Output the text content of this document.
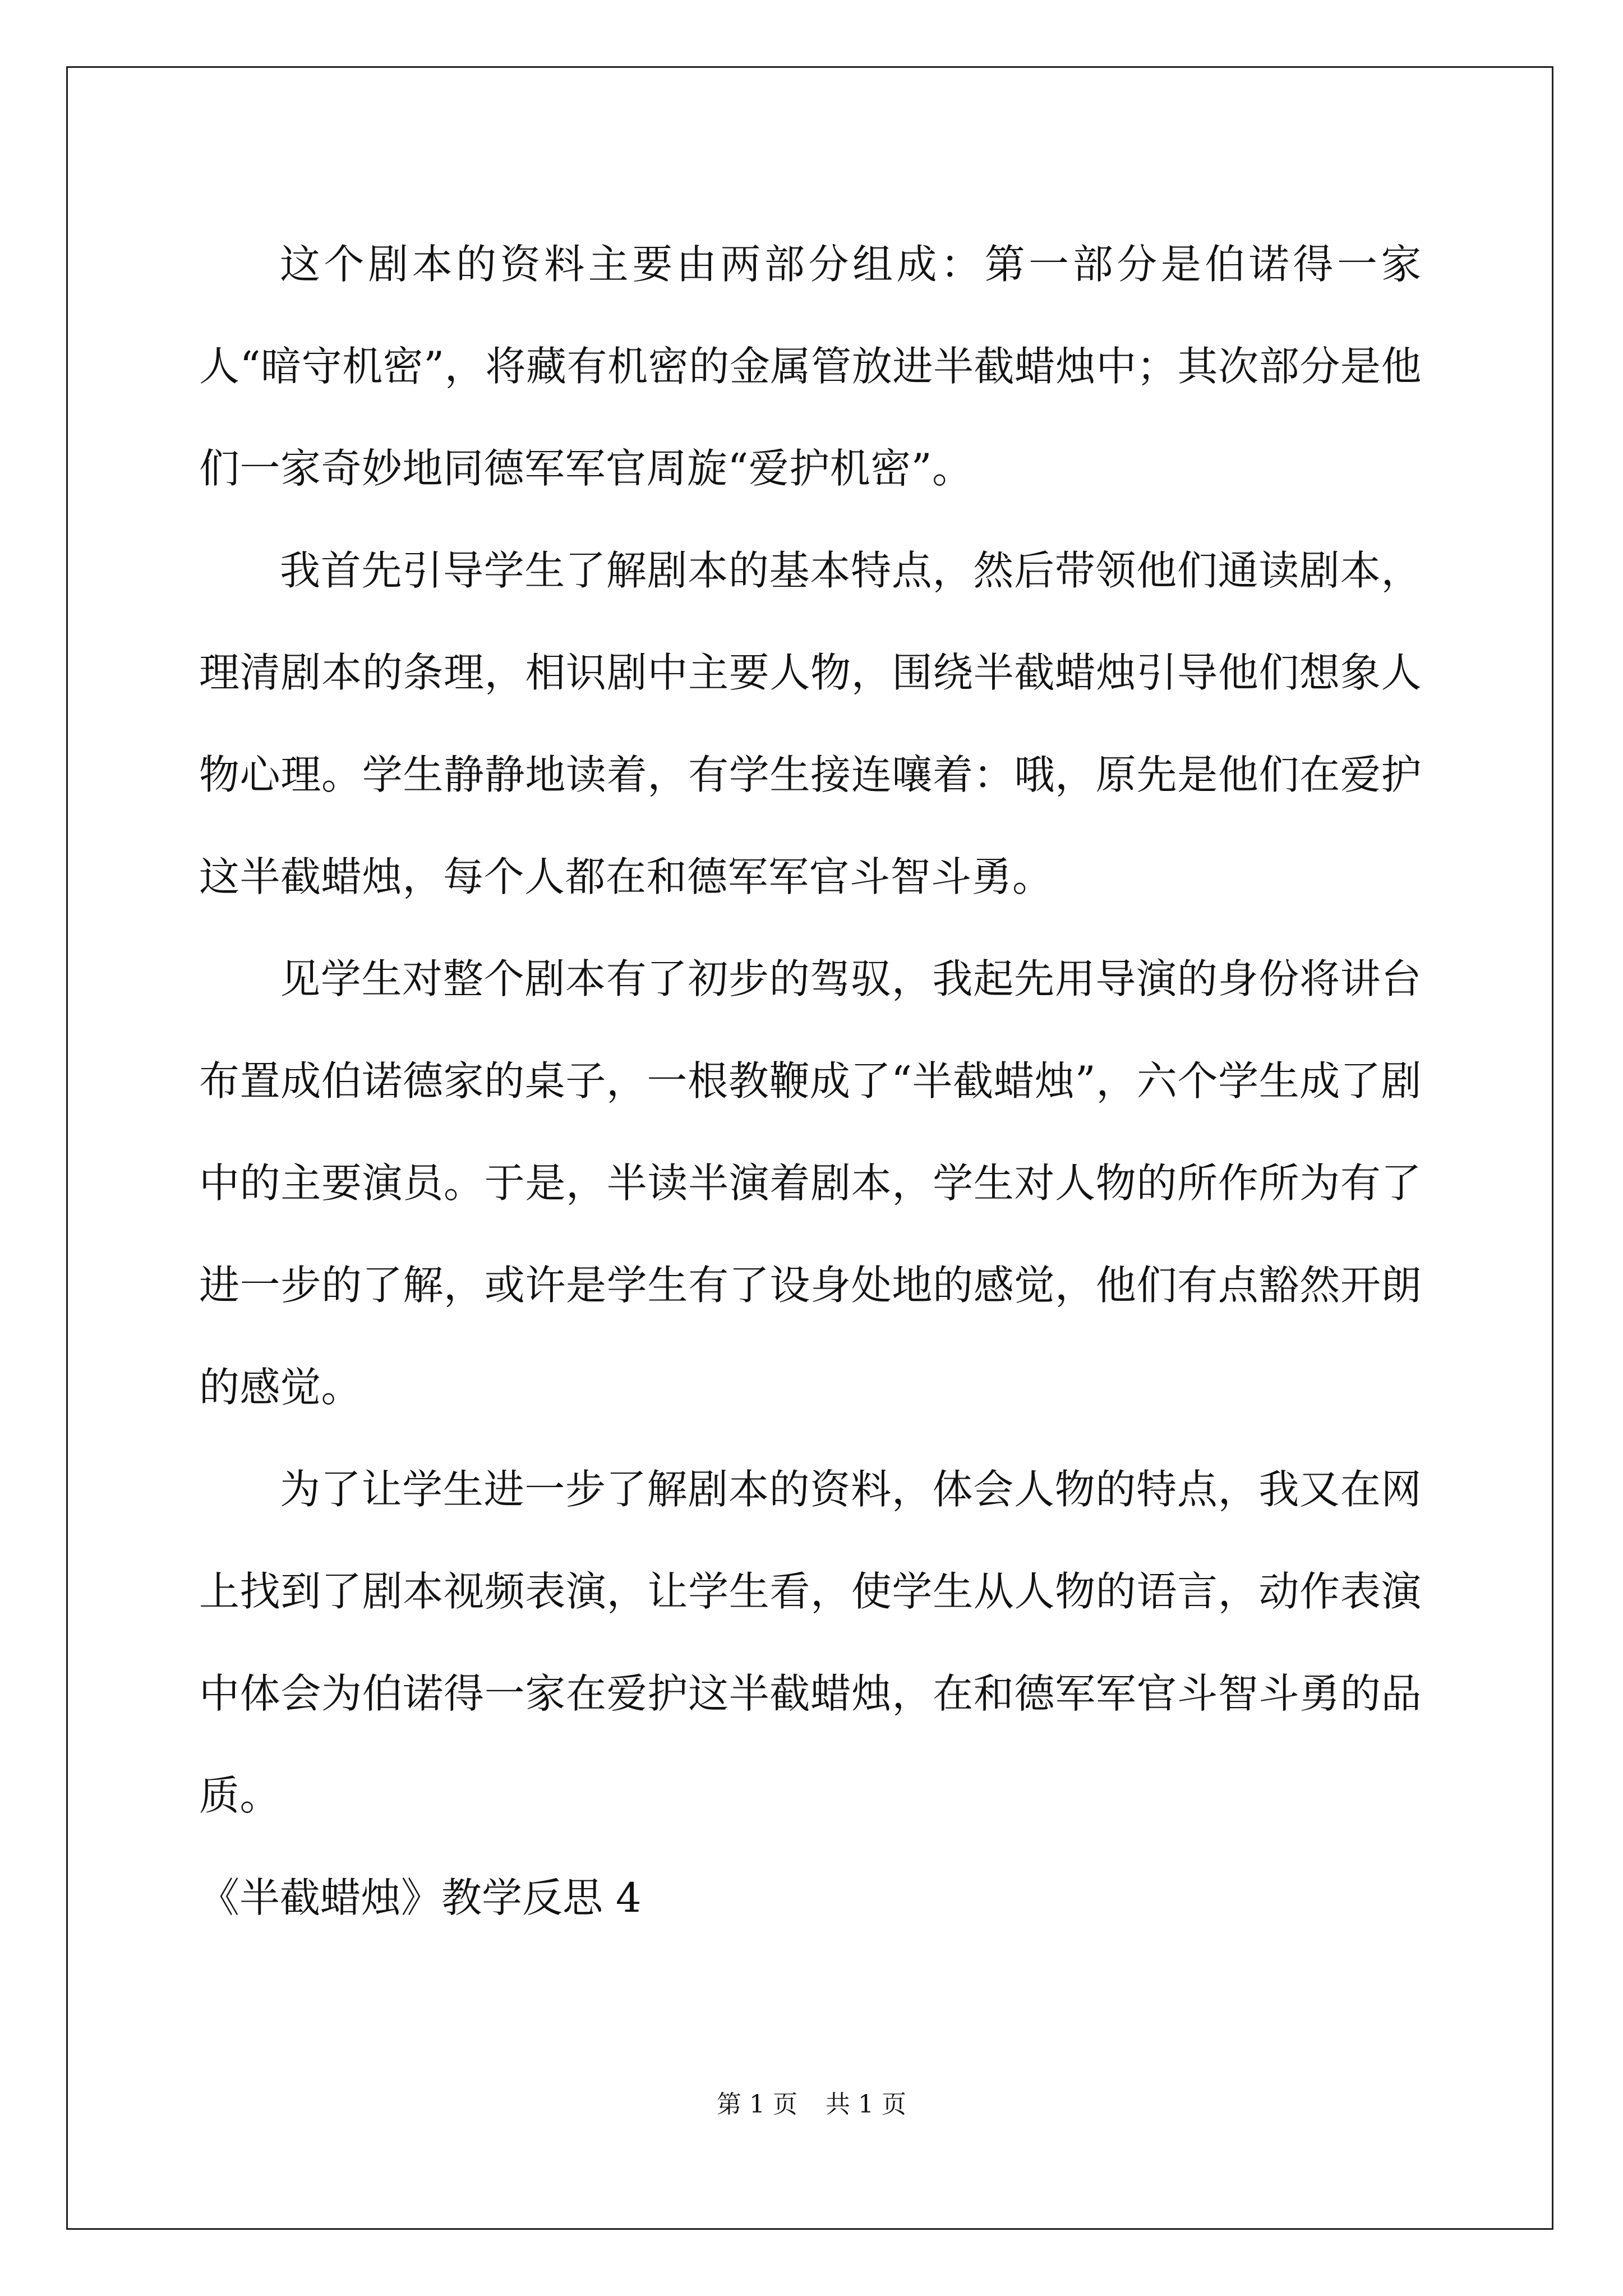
这个剧本的资料主要由两部分组成：第一部分是伯诺得一家人“暗守机密”，将藏有机密的金属管放进半截蜡烛中；其次部分是他们一家奇妙地同德军军官周旋“爱护机密”。

我首先引导学生了解剧本的基本特点，然后带领他们通读剧本，理清剧本的条理，相识剧中主要人物，围绕半截蜡烛引导他们想象人物心理。学生静静地读着，有学生接连嚷着：哦，原先是他们在爱护这半截蜡烛，每个人都在和德军军官斗智斗勇。

见学生对整个剧本有了初步的驾驭，我起先用导演的身份将讲台布置成伯诺德家的桌子，一根教鞭成了“半截蜡烛”，六个学生成了剧中的主要演员。于是，半读半演着剧本，学生对人物的所作所为有了进一步的了解，或许是学生有了设身处地的感觉，他们有点豁然开朗的感觉。

为了让学生进一步了解剧本的资料，体会人物的特点，我又在网上找到了剧本视频表演，让学生看，使学生从人物的语言，动作表演中体会为伯诺得一家在爱护这半截蜡烛，在和德军军官斗智斗勇的品质。

《半截蜡烛》教学反思 4

第 1 页 共 1 页
